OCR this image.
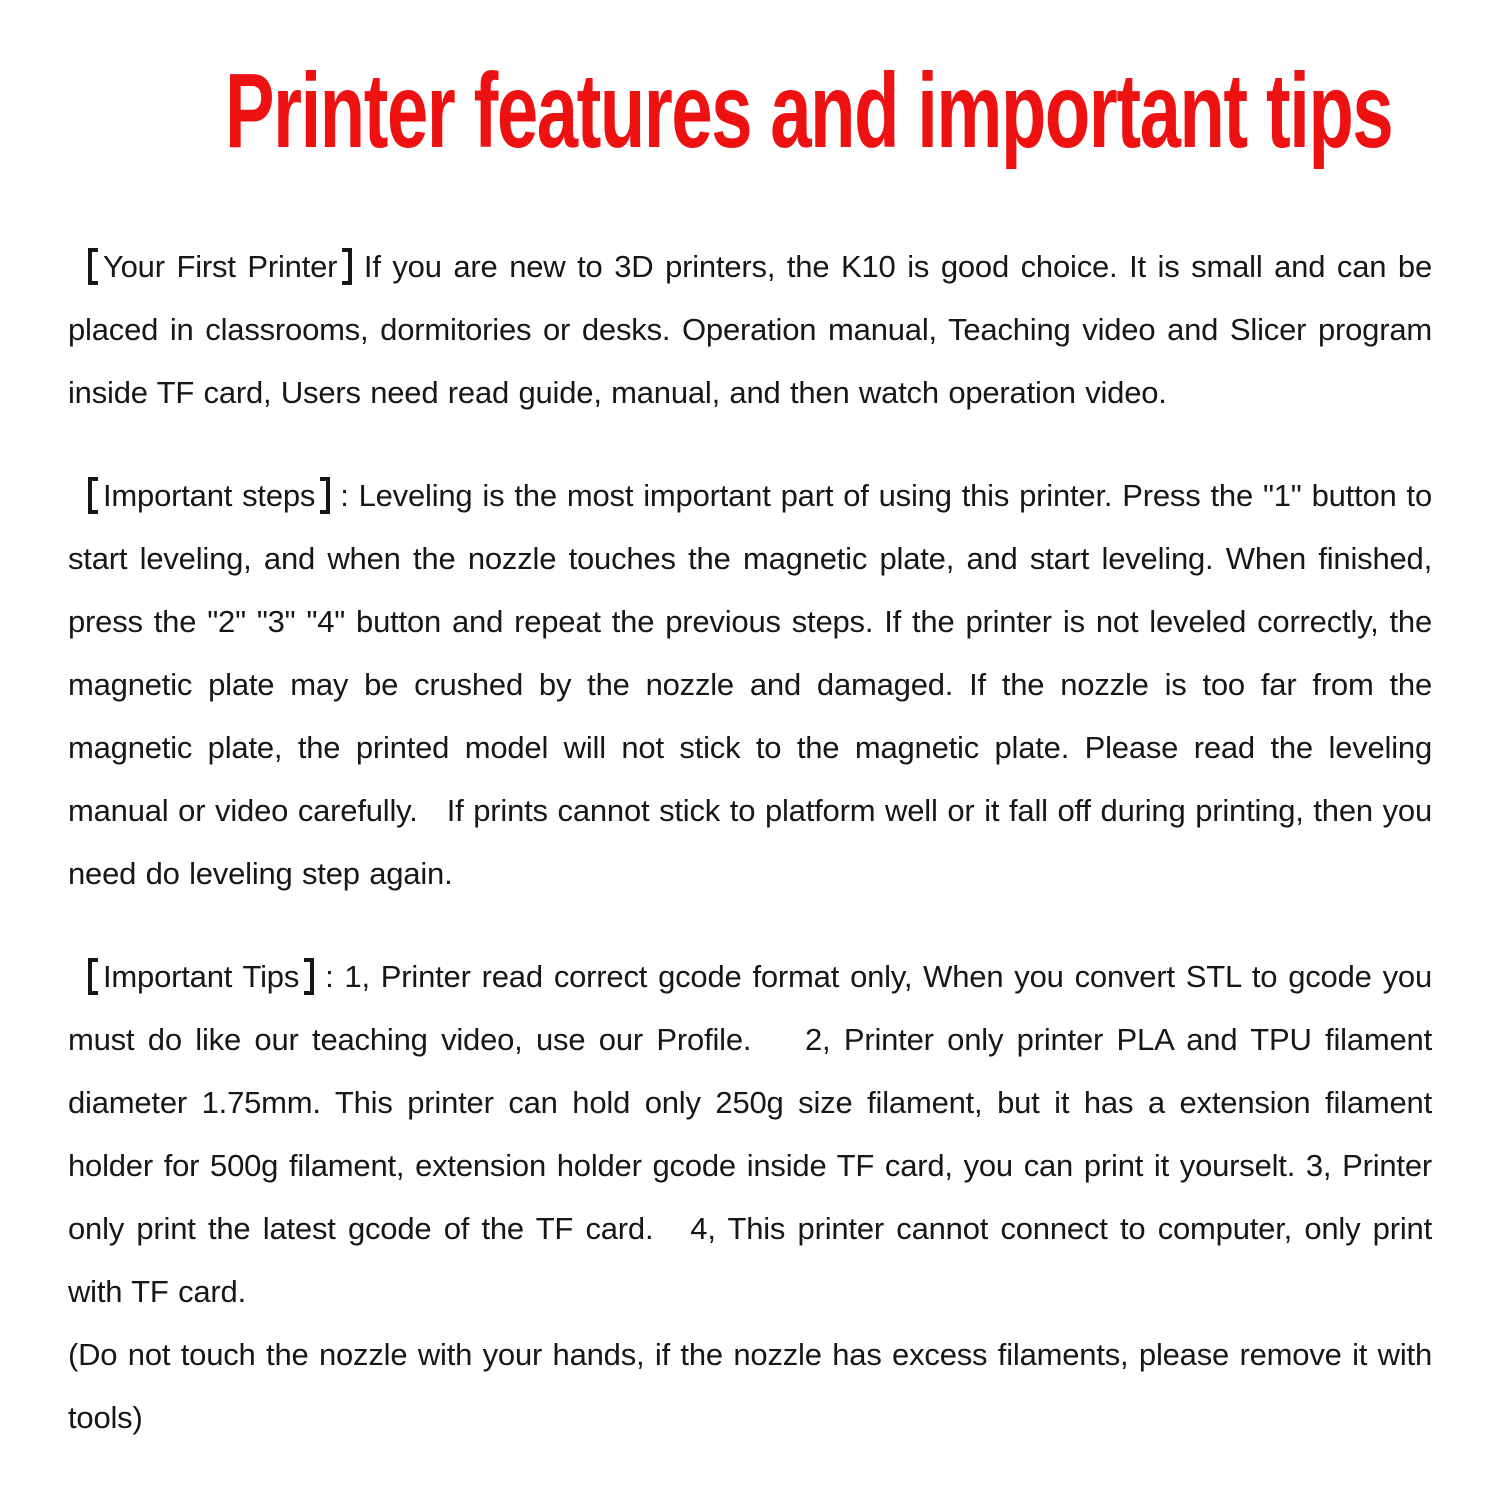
Printer features and important tips

Your First Printer If you are new to 3D printers, the K10 is good choice. It is small and can be placed in classrooms, dormitories or desks. Operation manual, Teaching video and Slicer program inside TF card, Users need read guide, manual, and then watch operation video.

Important steps : Leveling is the most important part of using this printer. Press the "1" button to start leveling, and when the nozzle touches the magnetic plate, and start leveling. When finished, press the "2" "3" "4" button and repeat the previous steps. If the printer is not leveled correctly, the magnetic plate may be crushed by the nozzle and damaged. If the nozzle is too far from the magnetic plate, the printed model will not stick to the magnetic plate. Please read the leveling manual or video carefully.   If prints cannot stick to platform well or it fall off during printing, then you need do leveling step again.

Important Tips : 1, Printer read correct gcode format only, When you convert STL to gcode you must do like our teaching video, use our Profile.    2, Printer only printer PLA and TPU filament diameter 1.75mm. This printer can hold only 250g size filament, but it has a extension filament holder for 500g filament, extension holder gcode inside TF card, you can print it yourselt. 3, Printer only print the latest gcode of the TF card.   4, This printer cannot connect to computer, only print with TF card.

(Do not touch the nozzle with your hands, if the nozzle has excess filaments, please remove it with tools)
